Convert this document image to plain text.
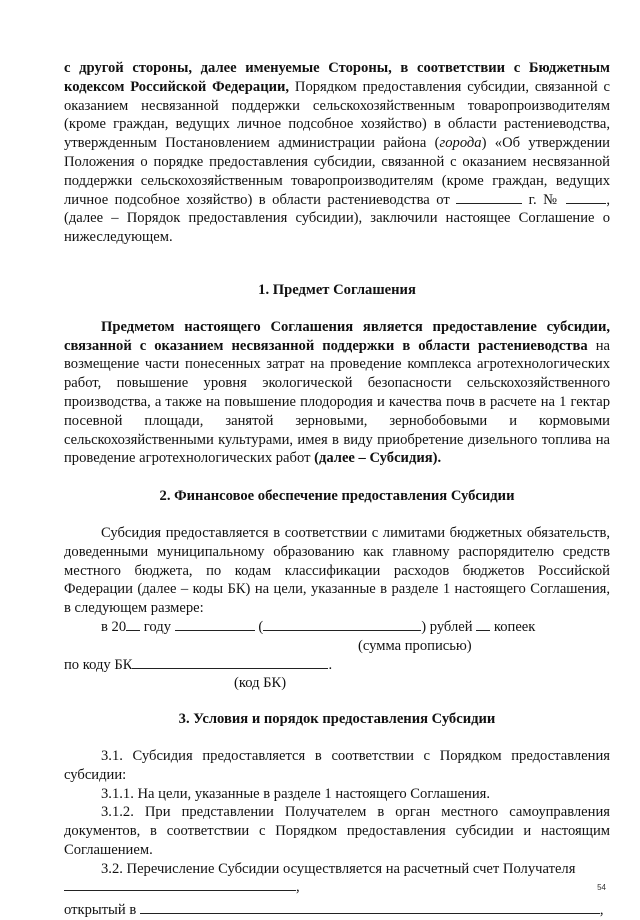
с другой стороны, далее именуемые Стороны, в соответствии с Бюджетным кодексом Российской Федерации, Порядком предоставления субсидии, связанной с оказанием несвязанной поддержки сельскохозяйственным товаропроизводителям (кроме граждан, ведущих личное подсобное хозяйство) в области растениеводства, утвержденным Постановлением администрации района (города) «Об утверждении Положения о порядке предоставления субсидии, связанной с оказанием несвязанной поддержки сельскохозяйственным товаропроизводителям (кроме граждан, ведущих личное подсобное хозяйство) в области растениеводства от	г. №	, (далее – Порядок предоставления субсидии), заключили настоящее Соглашение о нижеследующем.

1. Предмет Соглашения

Предметом настоящего Соглашения является предоставление субсидии, связанной с оказанием несвязанной поддержки в области растениеводства на возмещение части понесенных затрат на проведение комплекса агротехнологических работ, повышение уровня экологической безопасности сельскохозяйственного производства, а также на повышение плодородия и качества почв в расчете на 1 гектар посевной площади, занятой зерновыми, зернобобовыми и кормовыми сельскохозяйственными культурами, имея в виду приобретение дизельного топлива на проведение агротехнологических работ (далее – Субсидия).

2. Финансовое обеспечение предоставления Субсидии

Субсидия предоставляется в соответствии с лимитами бюджетных обязательств, доведенными муниципальному образованию как главному распорядителю средств местного бюджета, по кодам классификации расходов бюджетов Российской Федерации (далее – коды БК) на цели, указанные в разделе 1 настоящего Соглашения, в следующем размере:

в 20 году	(	) рублей  копеек
(сумма прописью)
по коду БК	.
(код БК)
3. Условия и порядок предоставления Субсидии

3.1. Субсидия предоставляется в соответствии с Порядком предоставления субсидии:

3.1.1. На цели, указанные в разделе 1 настоящего Соглашения.

3.1.2. При представлении Получателем в орган местного самоуправления документов, в соответствии с Порядком предоставления субсидии и настоящим Соглашением.

3.2. Перечисление Субсидии осуществляется на расчетный счет Получателя

,
открытый в	,
54
